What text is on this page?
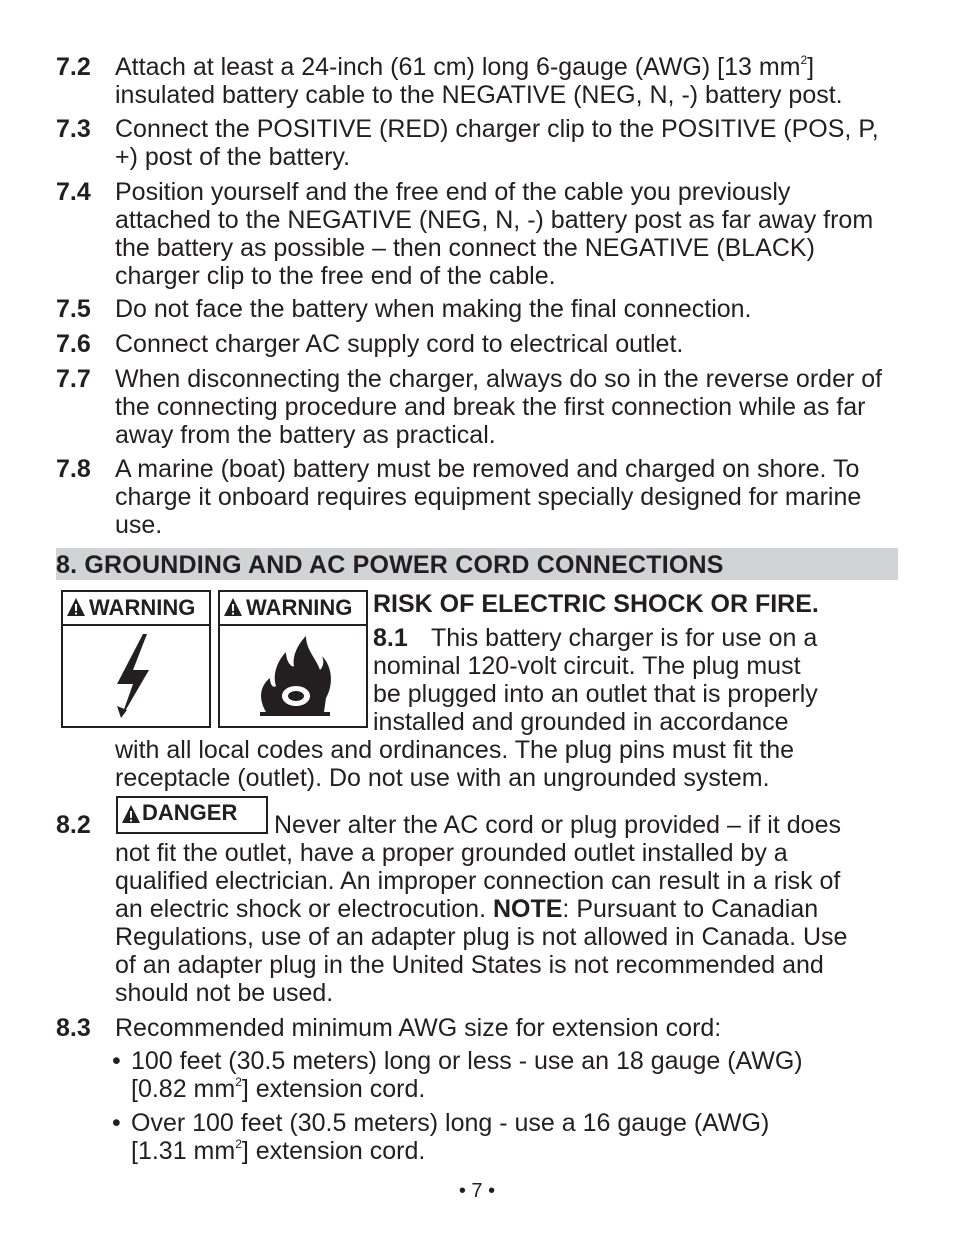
7.2 Attach at least a 24-inch (61 cm) long 6-gauge (AWG) [13 $mm^2$]
insulated battery cable to the NEGATIVE (NEG, N, -) battery post.
7.3 Connect the POSITIVE (RED) charger clip to the POSITIVE (POS, P, +) post of the battery.
7.4 Position yourself and the free end of the cable you previously attached to the NEGATIVE (NEG, N, -) battery post as far away from the battery as possible – then connect the NEGATIVE (BLACK) charger clip to the free end of the cable.
7.5 Do not face the battery when making the final connection.
7.6 Connect charger AC supply cord to electrical outlet.
7.7 When disconnecting the charger, always do so in the reverse order of the connecting procedure and break the first connection while as far away from the battery as practical.
7.8 A marine (boat) battery must be removed and charged on shore. To charge it onboard requires equipment specially designed for marine use.
8. GROUNDING AND AC POWER CORD CONNECTIONS
WARNING WARNING RISK OF ELECTRIC SHOCK OR FIRE.
8.1 This battery charger is for use on a
nominal 120-volt circuit. The plug must
be plugged into an outlet that is properly
installed and grounded in accordance
with all local codes and ordinances. The plug pins must fit the
receptacle (outlet). Do not use with an ungrounded system.
8.2 DANGER Never alter the AC cord or plug provided – if it does
not fit the outlet, have a proper grounded outlet installed by a
qualified electrician. An improper connection can result in a risk of
an electric shock or electrocution. NOTE: Pursuant to Canadian
Regulations, use of an adapter plug is not allowed in Canada. Use
of an adapter plug in the United States is not recommended and
should not be used.
8.3 Recommended minimum AWG size for extension cord:
• 100 feet (30.5 meters) long or less - use an 18 gauge (AWG)
[0.82 $mm^2$] extension cord.
• Over 100 feet (30.5 meters) long - use a 16 gauge (AWG)
[1.31 $mm^2$] extension cord.
• 7 •
